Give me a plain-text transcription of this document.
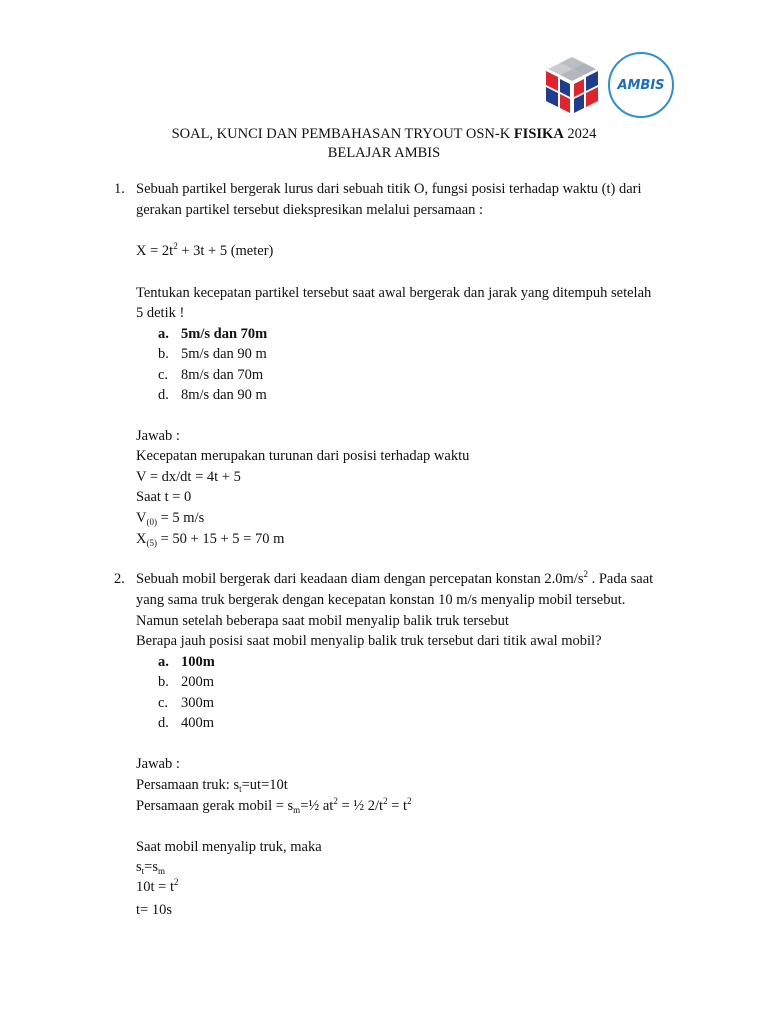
AMBIS
SOAL, KUNCI DAN PEMBAHASAN TRYOUT OSN-K FISIKA 2024
BELAJAR AMBIS
1. Sebuah partikel bergerak lurus dari sebuah titik O, fungsi posisi terhadap waktu (t) dari
gerakan partikel tersebut diekspresikan melalui persamaan :
$X = 2t^2 + 3t + 5$ (meter)
Tentukan kecepatan partikel tersebut saat awal bergerak dan jarak yang ditempuh setelah
5 detik !
a. 5m/s dan 70m
b. 5m/s dan 90 m
c. 8m/s dan 70m
d. 8m/s dan 90 m
Jawab :
Kecepatan merupakan turunan dari posisi terhadap waktu
V = dx/dt = 4t + 5
Saat t = 0
$V_{(0)} = 5$ m/s
$X_{(5)} = 50 + 15 + 5 = 70$ m
2. Sebuah mobil bergerak dari keadaan diam dengan percepatan konstan $2.0m/s^2$ . Pada saat
yang sama truk bergerak dengan kecepatan konstan 10 m/s menyalip mobil tersebut.
Namun setelah beberapa saat mobil menyalip balik truk tersebut
Berapa jauh posisi saat mobil menyalip balik truk tersebut dari titik awal mobil?
a. 100m
b. 200m
c. 300m
d. 400m
Jawab :
Persamaan truk: $s_t=ut=10t$
Persamaan gerak mobil = $s_m=\frac{1}{2}$ $at^2$ = ½ $2/t^2 = t^2$
Saat mobil menyalip truk, maka
$s_t=s_m$
$10t = t^2$
t= 10s
